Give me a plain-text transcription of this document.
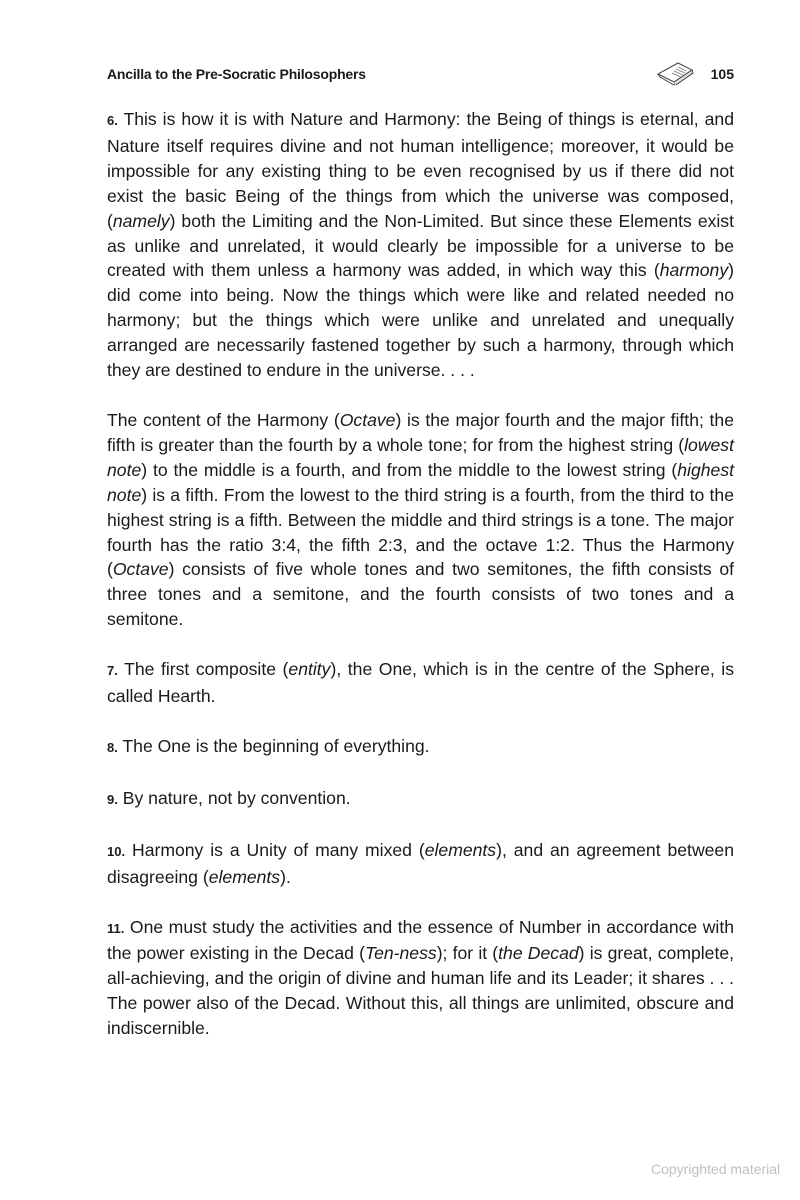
Ancilla to the Pre-Socratic Philosophers	105

6. This is how it is with Nature and Harmony: the Being of things is eternal, and Nature itself requires divine and not human intelligence; moreover, it would be impossible for any existing thing to be even recognised by us if there did not exist the basic Being of the things from which the universe was composed, (namely) both the Limiting and the Non-Limited. But since these Elements exist as unlike and unrelated, it would clearly be impossible for a universe to be created with them unless a harmony was added, in which way this (harmony) did come into being. Now the things which were like and related needed no harmony; but the things which were unlike and unrelated and unequally arranged are necessarily fastened together by such a harmony, through which they are destined to endure in the universe. . . .

The content of the Harmony (Octave) is the major fourth and the major fifth; the fifth is greater than the fourth by a whole tone; for from the highest string (lowest note) to the middle is a fourth, and from the middle to the lowest string (highest note) is a fifth. From the lowest to the third string is a fourth, from the third to the highest string is a fifth. Between the middle and third strings is a tone. The major fourth has the ratio 3:4, the fifth 2:3, and the octave 1:2. Thus the Harmony (Octave) consists of five whole tones and two semitones, the fifth consists of three tones and a semitone, and the fourth consists of two tones and a semitone.

7. The first composite (entity), the One, which is in the centre of the Sphere, is called Hearth.

8. The One is the beginning of everything.

9. By nature, not by convention.

10. Harmony is a Unity of many mixed (elements), and an agreement between disagreeing (elements).

11. One must study the activities and the essence of Number in accordance with the power existing in the Decad (Ten-ness); for it (the Decad) is great, complete, all-achieving, and the origin of divine and human life and its Leader; it shares . . . The power also of the Decad. Without this, all things are unlimited, obscure and indiscernible.

Copyrighted material
